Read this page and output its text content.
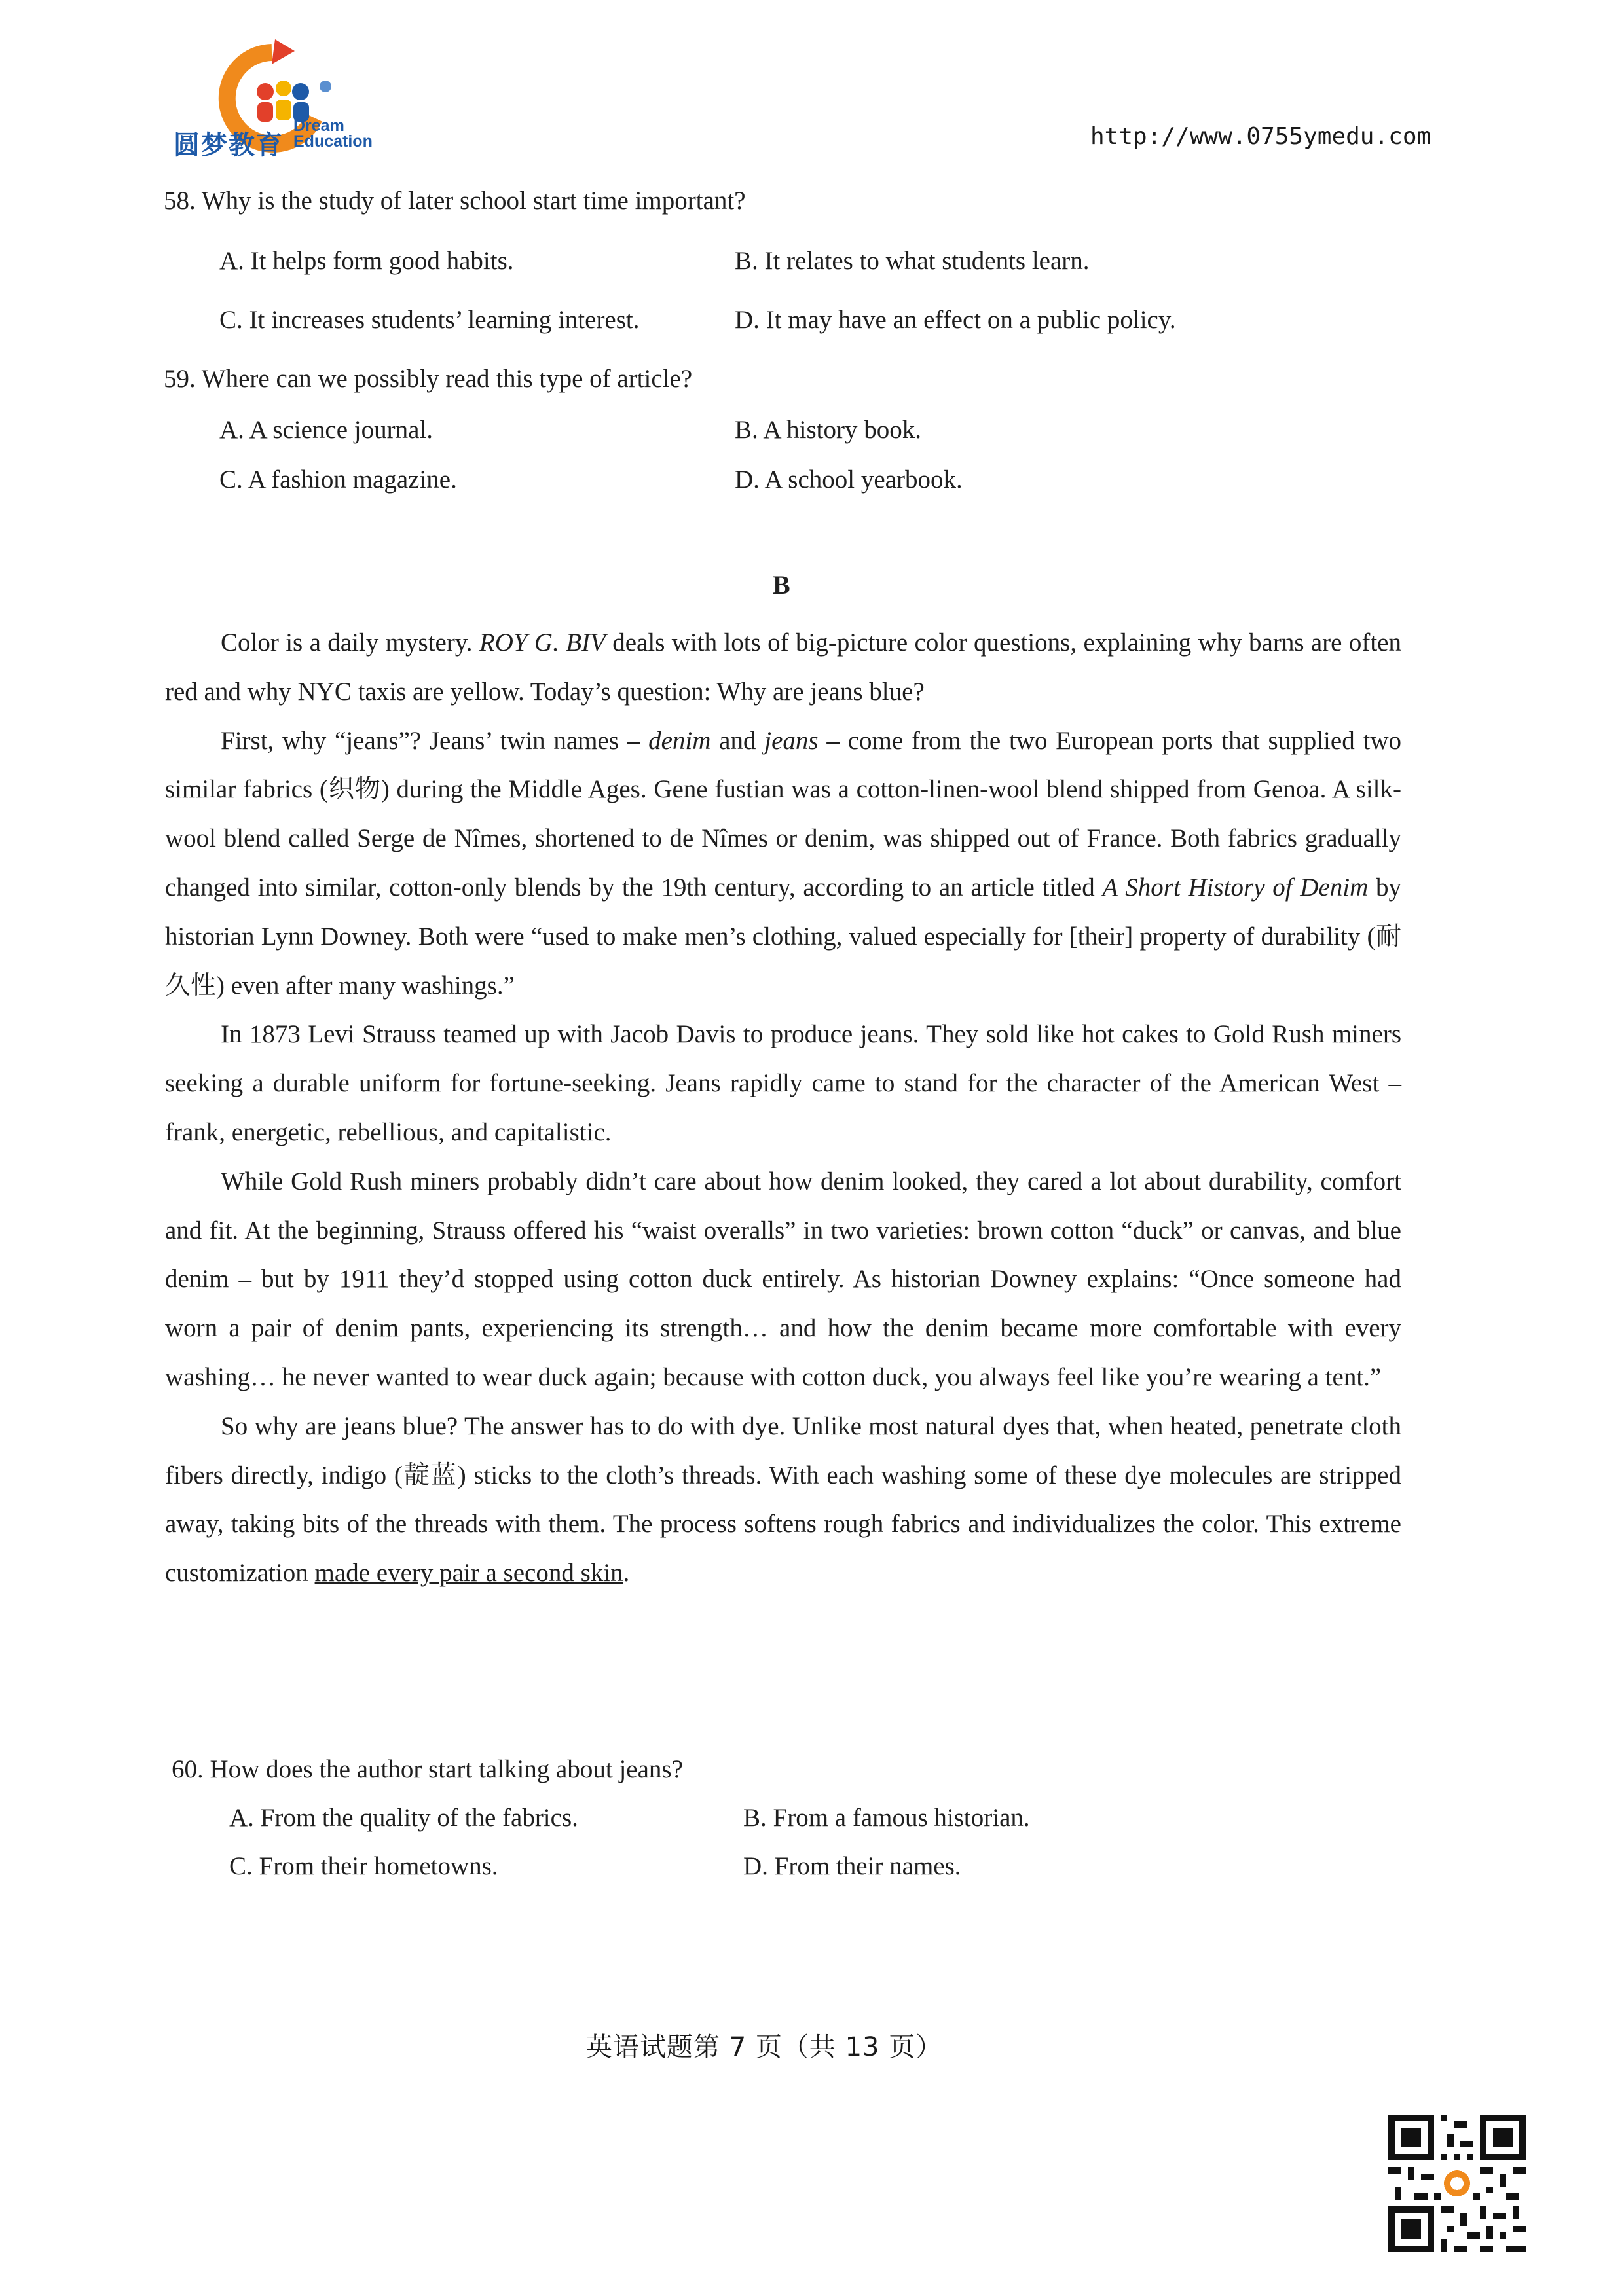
圆梦教育
Dream
Education	http://www.0755ymedu.com
58. Why is the study of later school start time important?
A. It helps form good habits.	B. It relates to what students learn.
C. It increases students’ learning interest.	D. It may have an effect on a public policy.
59. Where can we possibly read this type of article?
A. A science journal.	B. A history book.
C. A fashion magazine.	D. A school yearbook.
B

Color is a daily mystery. ROY G. BIV deals with lots of big-picture color questions, explaining why barns are often red and why NYC taxis are yellow. Today’s question: Why are jeans blue?

First, why “jeans”? Jeans’ twin names – denim and jeans – come from the two European ports that supplied two similar fabrics (织物) during the Middle Ages. Gene fustian was a cotton-linen-wool blend shipped from Genoa. A silk-wool blend called Serge de Nîmes, shortened to de Nîmes or denim, was shipped out of France. Both fabrics gradually changed into similar, cotton-only blends by the 19th century, according to an article titled A Short History of Denim by historian Lynn Downey. Both were “used to make men’s clothing, valued especially for [their] property of durability (耐久性) even after many washings.”

In 1873 Levi Strauss teamed up with Jacob Davis to produce jeans. They sold like hot cakes to Gold Rush miners seeking a durable uniform for fortune-seeking. Jeans rapidly came to stand for the character of the American West – frank, energetic, rebellious, and capitalistic.

While Gold Rush miners probably didn’t care about how denim looked, they cared a lot about durability, comfort and fit. At the beginning, Strauss offered his “waist overalls” in two varieties: brown cotton “duck” or canvas, and blue denim – but by 1911 they’d stopped using cotton duck entirely. As historian Downey explains: “Once someone had worn a pair of denim pants, experiencing its strength… and how the denim became more comfortable with every washing… he never wanted to wear duck again; because with cotton duck, you always feel like you’re wearing a tent.”

So why are jeans blue? The answer has to do with dye. Unlike most natural dyes that, when heated, penetrate cloth fibers directly, indigo (靛蓝) sticks to the cloth’s threads. With each washing some of these dye molecules are stripped away, taking bits of the threads with them. The process softens rough fabrics and individualizes the color. This extreme customization made every pair a second skin.

60. How does the author start talking about jeans?
A. From the quality of the fabrics.	B. From a famous historian.
C. From their hometowns.	D. From their names.
英语试题第 7 页（共 13 页）
